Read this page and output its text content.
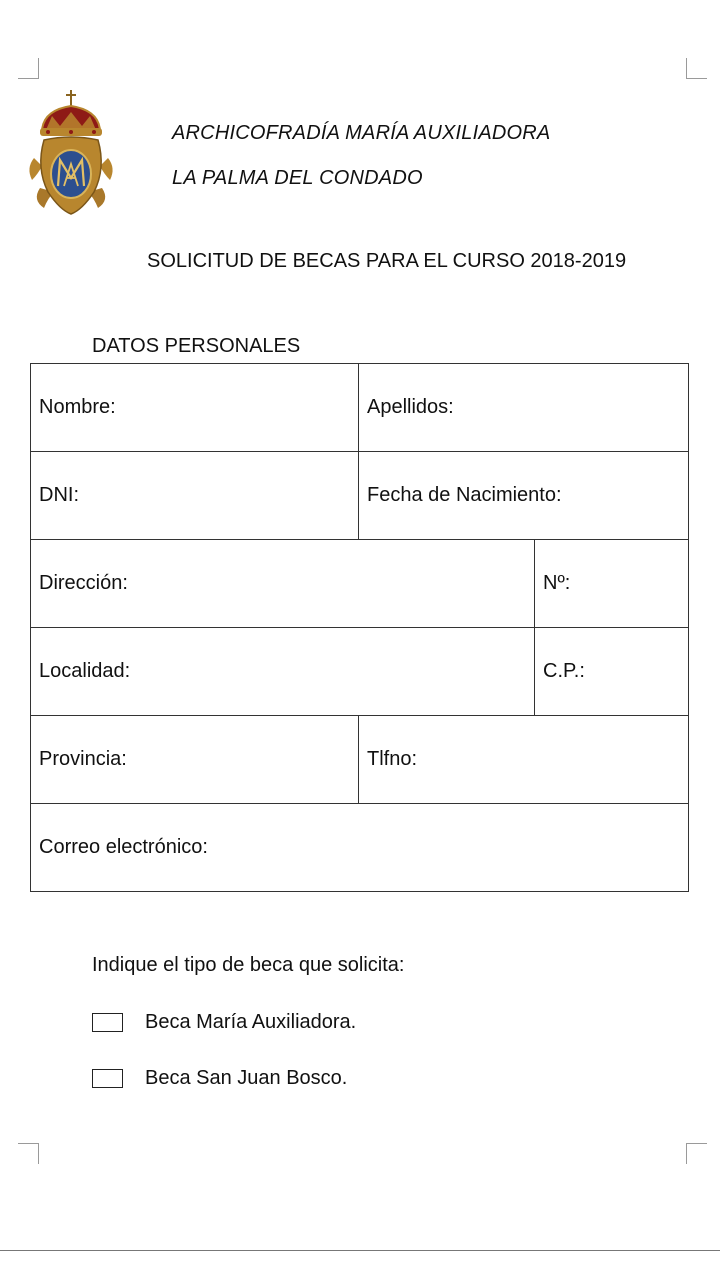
ARCHICOFRADÍA MARÍA AUXILIADORA
LA PALMA DEL CONDADO
SOLICITUD DE BECAS PARA EL CURSO 2018-2019
DATOS PERSONALES
Nombre:	Apellidos:	
DNI:	Fecha de Nacimiento:	
Dirección:		Nº:
Localidad:		C.P.:
Provincia:	Tlfno:	
Correo electrónico:		
Indique el tipo de beca que solicita:
Beca María Auxiliadora.
Beca San Juan Bosco.
